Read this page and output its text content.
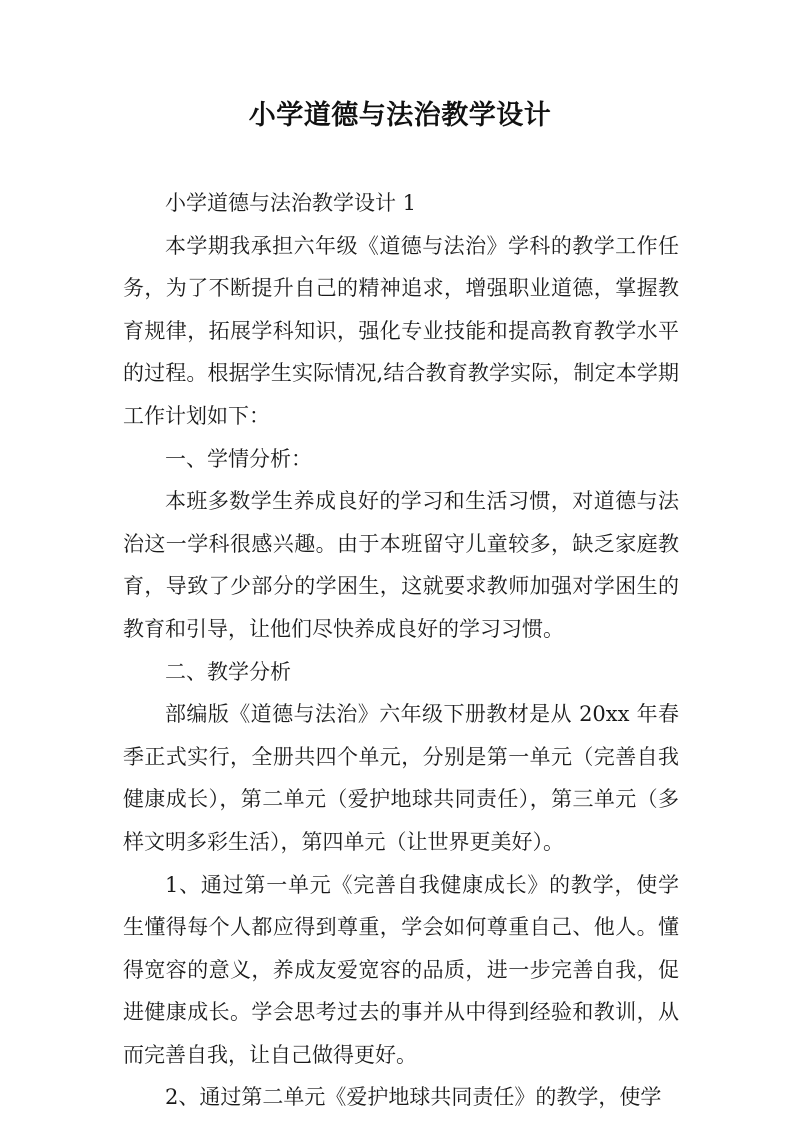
小学道德与法治教学设计

小学道德与法治教学设计 1

本学期我承担六年级《道德与法治》学科的教学工作任务，为了不断提升自己的精神追求，增强职业道德，掌握教育规律，拓展学科知识，强化专业技能和提高教育教学水平的过程。根据学生实际情况,结合教育教学实际，制定本学期工作计划如下：

一、学情分析：

本班多数学生养成良好的学习和生活习惯，对道德与法治这一学科很感兴趣。由于本班留守儿童较多，缺乏家庭教育，导致了少部分的学困生，这就要求教师加强对学困生的教育和引导，让他们尽快养成良好的学习习惯。

二、教学分析

部编版《道德与法治》六年级下册教材是从 20xx 年春季正式实行，全册共四个单元，分别是第一单元（完善自我健康成长），第二单元（爱护地球共同责任），第三单元（多样文明多彩生活），第四单元（让世界更美好）。

1、通过第一单元《完善自我健康成长》的教学，使学生懂得每个人都应得到尊重，学会如何尊重自己、他人。懂得宽容的意义，养成友爱宽容的品质，进一步完善自我，促进健康成长。学会思考过去的事并从中得到经验和教训，从而完善自我，让自己做得更好。

2、通过第二单元《爱护地球共同责任》的教学，使学
